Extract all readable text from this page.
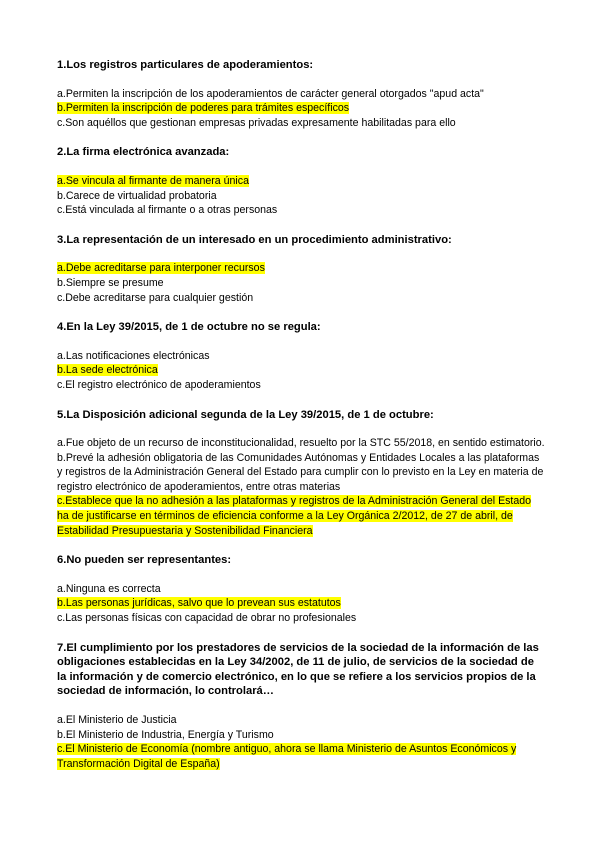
1.Los registros particulares de apoderamientos:

a.Permiten la inscripción de los apoderamientos de carácter general otorgados "apud acta"
b.Permiten la inscripción de poderes para trámites específicos
c.Son aquéllos que gestionan empresas privadas expresamente habilitadas para ello

2.La firma electrónica avanzada:

a.Se vincula al firmante de manera única
b.Carece de virtualidad probatoria
c.Está vinculada al firmante o a otras personas

3.La representación de un interesado en un procedimiento administrativo:

a.Debe acreditarse para interponer recursos
b.Siempre se presume
c.Debe acreditarse para cualquier gestión

4.En la Ley 39/2015, de 1 de octubre no se regula:

a.Las notificaciones electrónicas
b.La sede electrónica
c.El registro electrónico de apoderamientos

5.La Disposición adicional segunda de la Ley 39/2015, de 1 de octubre:

a.Fue objeto de un recurso de inconstitucionalidad, resuelto por la STC 55/2018, en sentido estimatorio.
b.Prevé la adhesión obligatoria de las Comunidades Autónomas y Entidades Locales a las plataformas y registros de la Administración General del Estado para cumplir con lo previsto en la Ley en materia de registro electrónico de apoderamientos, entre otras materias
c.Establece que la no adhesión a las plataformas y registros de la Administración General del Estado ha de justificarse en términos de eficiencia conforme a la Ley Orgánica 2/2012, de 27 de abril, de Estabilidad Presupuestaria y Sostenibilidad Financiera

6.No pueden ser representantes:

a.Ninguna es correcta
b.Las personas jurídicas, salvo que lo prevean sus estatutos
c.Las personas físicas con capacidad de obrar no profesionales

7.El cumplimiento por los prestadores de servicios de la sociedad de la información de las obligaciones establecidas en la Ley 34/2002, de 11 de julio, de servicios de la sociedad de la información y de comercio electrónico, en lo que se refiere a los servicios propios de la sociedad de información, lo controlará…

a.El Ministerio de Justicia
b.El Ministerio de Industria, Energía y Turismo
c.El Ministerio de Economía (nombre antiguo, ahora se llama Ministerio de Asuntos Económicos y Transformación Digital de España)
